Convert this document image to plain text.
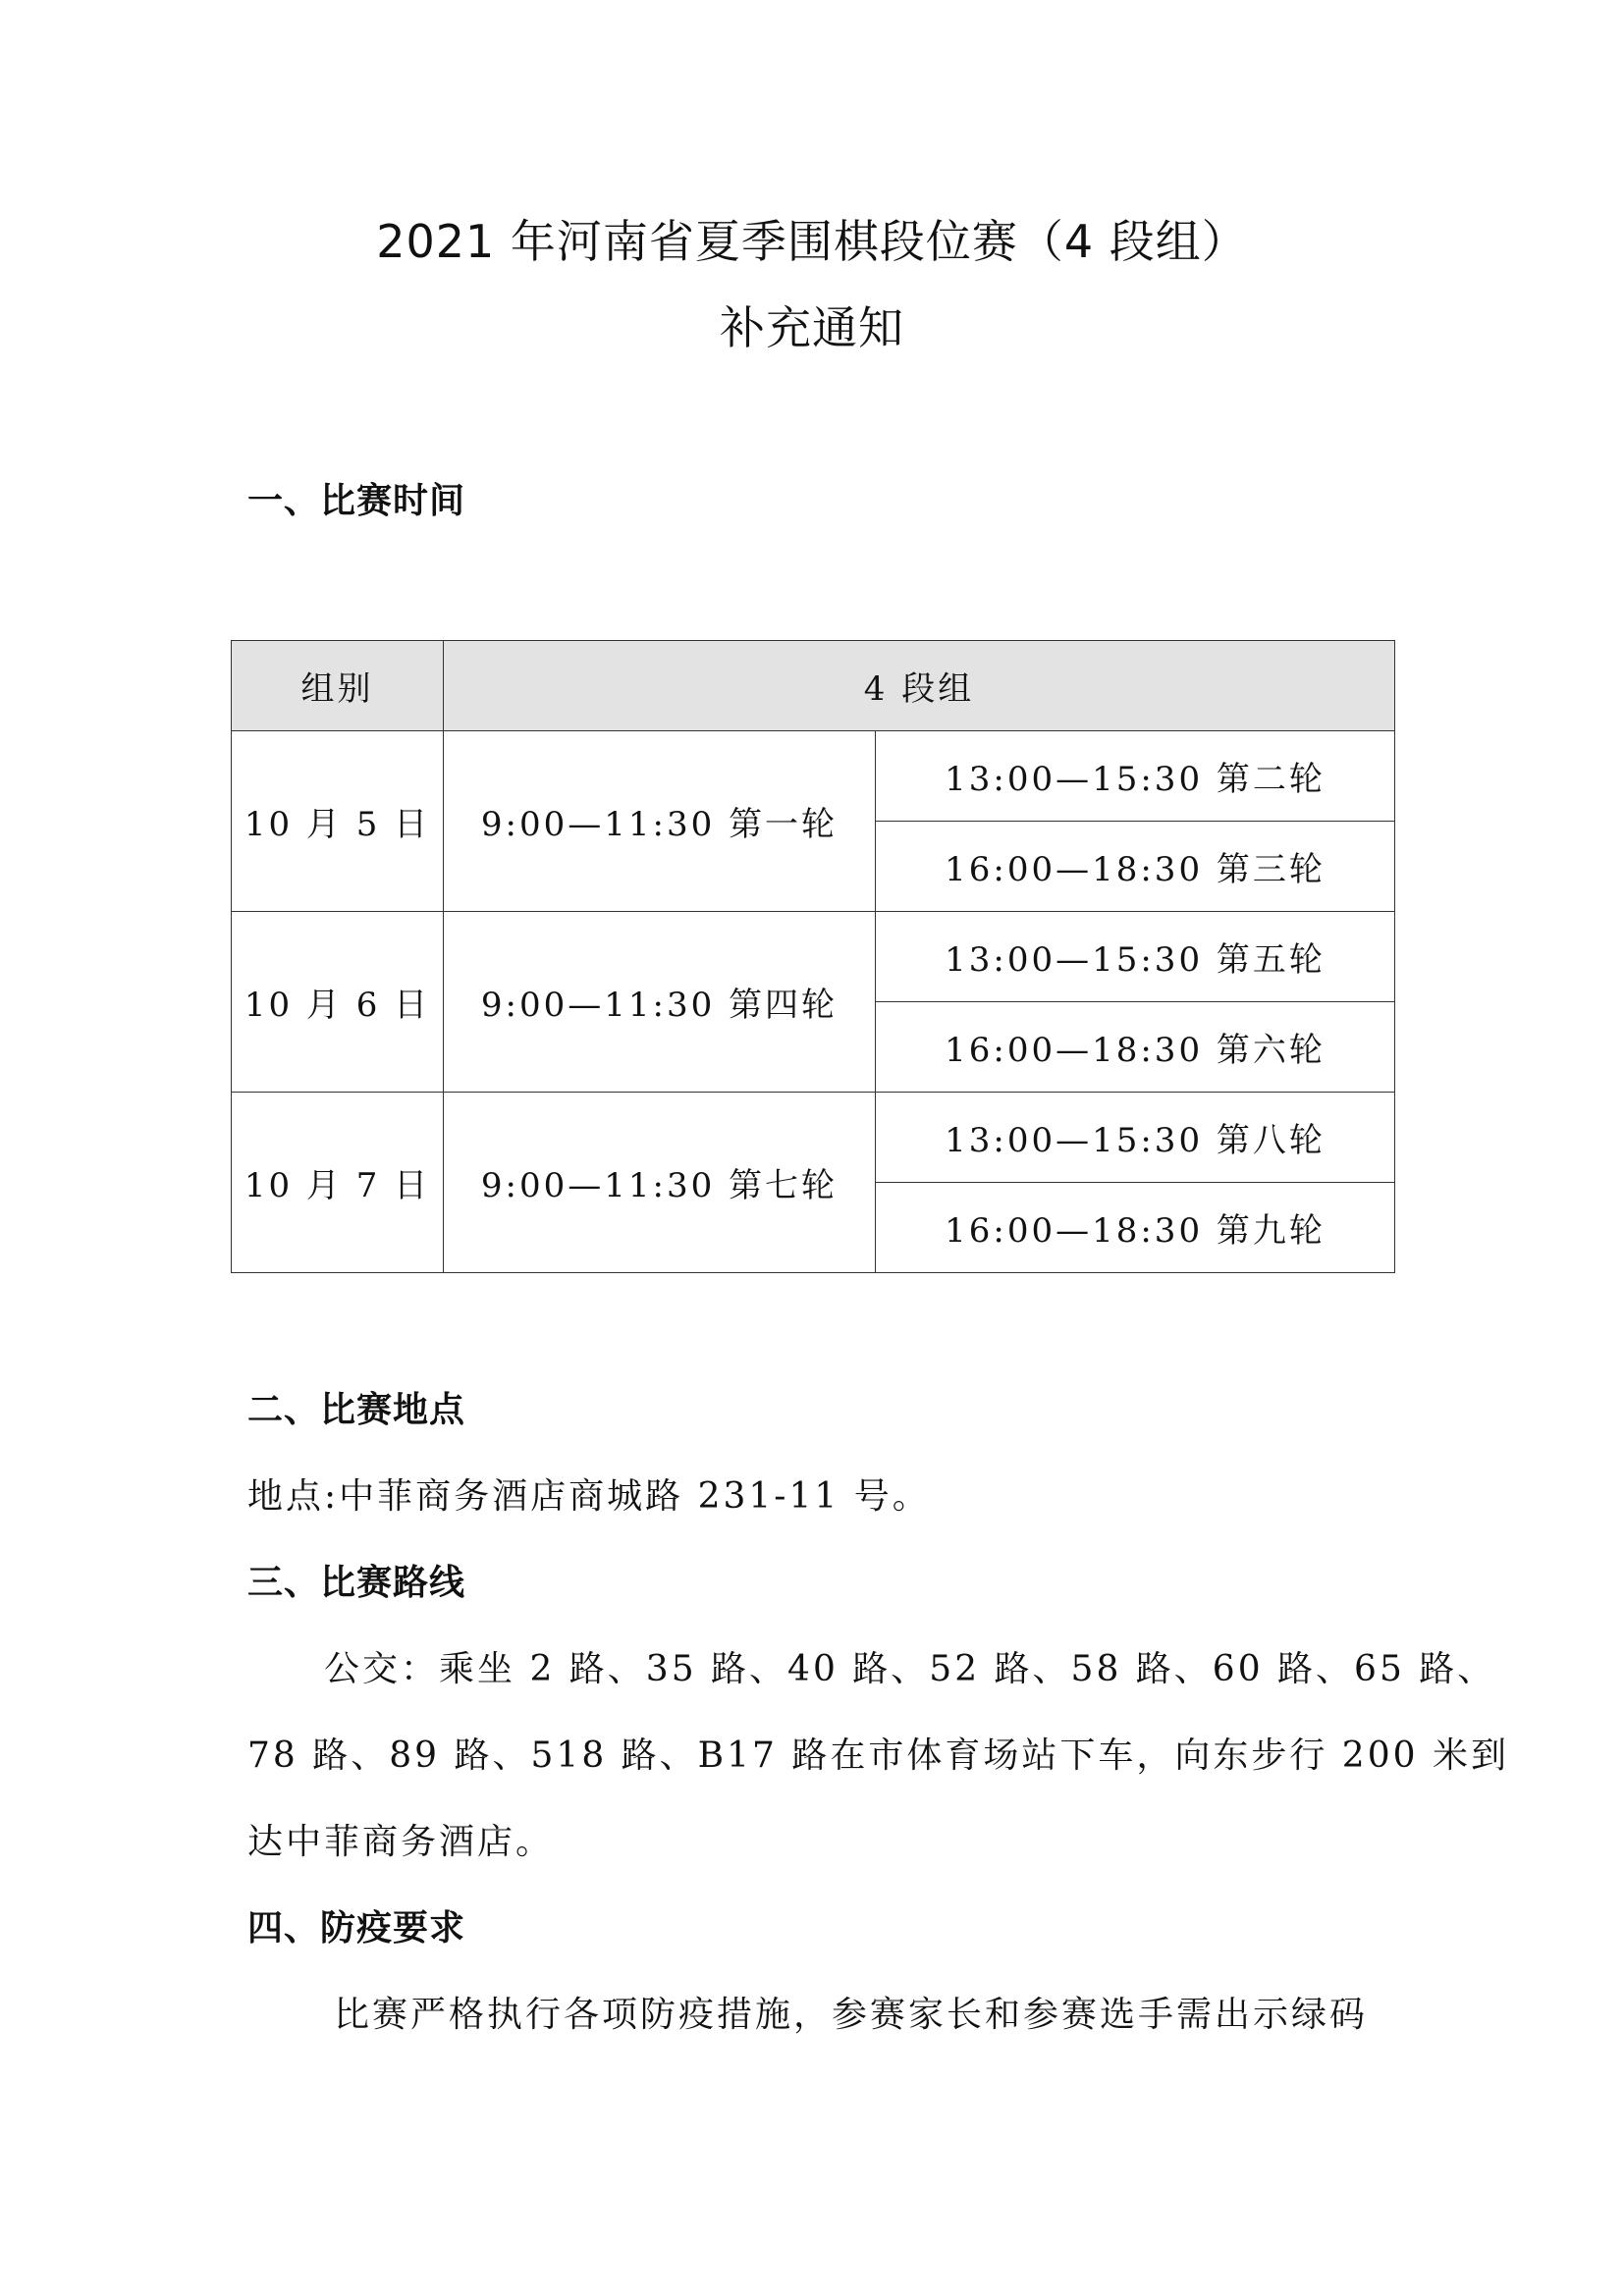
2021 年河南省夏季围棋段位赛（4 段组）
补充通知
一、比赛时间
组别	4 段组	
10 月 5 日	9:00—11:30 第一轮	13:00—15:30 第二轮
		16:00—18:30 第三轮
10 月 6 日	9:00—11:30 第四轮	13:00—15:30 第五轮
		16:00—18:30 第六轮
10 月 7 日	9:00—11:30 第七轮	13:00—15:30 第八轮
		16:00—18:30 第九轮
二、比赛地点
地点:中菲商务酒店商城路 231-11 号。
三、比赛路线
公交：乘坐 2 路、35 路、40 路、52 路、58 路、60 路、65 路、
78 路、89 路、518 路、B17 路在市体育场站下车，向东步行 200 米到
达中菲商务酒店。
四、防疫要求
比赛严格执行各项防疫措施，参赛家长和参赛选手需出示绿码
